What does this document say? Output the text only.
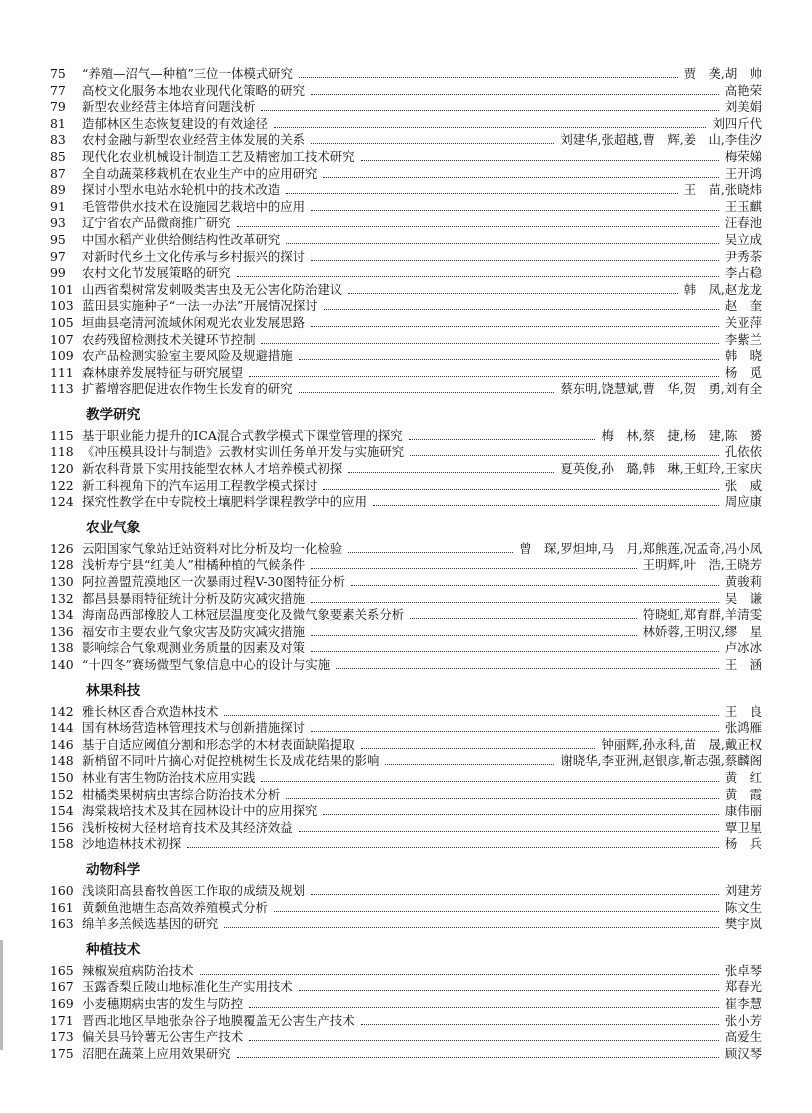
75	“养殖—沼气—种植”三位一体模式研究	贾　䶮,胡　帅
77	高校文化服务本地农业现代化策略的研究	高艳荣
79	新型农业经营主体培育问题浅析	刘美娟
81	造郁林区生态恢复建设的有效途径	刘四斤代
83	农村金融与新型农业经营主体发展的关系	刘建华,张超越,曹　辉,姜　山,李佳汐
85	现代化农业机械设计制造工艺及精密加工技术研究	梅荣娣
87	全自动蔬菜移栽机在农业生产中的应用研究	王开鸿
89	探讨小型水电站水轮机中的技术改造	王　苗,张晓炜
91	毛管带供水技术在设施园艺栽培中的应用	王玉麒
93	辽宁省农产品微商推广研究	汪春池
95	中国水稻产业供给侧结构性改革研究	吴立成
97	对新时代乡土文化传承与乡村振兴的探讨	尹秀荼
99	农村文化节发展策略的研究	李占稳
101 山西省梨树常发刺吸类害虫及无公害化防治建议	韩　凤,赵龙龙
103 蓝田县实施种子“一法一办法”开展情况探讨	赵　奎
105 垣曲县亳清河流域休闲观光农业发展思路	关亚萍
107 农药残留检测技术关键环节控制	李紫兰
109 农产品检测实验室主要风险及规避措施	韩　晓
111 森林康养发展特征与研究展望	杨　觅
113 扩蓄增容肥促进农作物生长发育的研究	蔡东明,饶慧斌,曹　华,贺　勇,刘有全
教学研究
115 基于职业能力提升的ICA混合式教学模式下课堂管理的探究	梅　林,蔡　捷,杨　建,陈　赟
118 《冲压模具设计与制造》云教材实训任务单开发与实施研究	孔依依
120 新农科背景下实用技能型农林人才培养模式初探	夏英俊,孙　璐,韩　琳,王虹玲,王家庆
122 新工科视角下的汽车运用工程教学模式探讨	张　威
124 探究性教学在中专院校土壤肥料学课程教学中的应用	周应康
农业气象
126 云阳国家气象站迁站资料对比分析及均一化检验	曾　琛,罗炟坤,马　月,郑熊莲,况孟奇,冯小凤
128 浅析寿宁县“红美人”柑橘种植的气候条件	王明辉,叶　浩,王晓芳
130 阿拉善盟荒漠地区一次暴雨过程V-30图特征分析	黄骏莉
132 都昌县暴雨特征统计分析及防灾减灾措施	吴　谦
134 海南岛西部橡胶人工林冠层温度变化及微气象要素关系分析	符晓虹,郑育群,羊清雯
136 福安市主要农业气象灾害及防灾减灾措施	林娇蓉,王明汉,缪　星
138 影响综合气象观测业务质量的因素及对策	卢冰冰
140 “十四冬”赛场微型气象信息中心的设计与实施	王　涵
林果科技
142 雅长林区香合欢造林技术	王　良
144 国有林场营造林管理技术与创新措施探讨	张鸿雁
146 基于自适应阈值分割和形态学的木材表面缺陷提取	钟丽辉,孙永科,苗　晟,戴正权
148 新梢留不同叶片摘心对促控桃树生长及成花结果的影响	谢晓华,李亚洲,赵银彦,靳志强,蔡麟阁
150 林业有害生物防治技术应用实践	黄　红
152 柑橘类果树病虫害综合防治技术分析	黄　霞
154 海棠栽培技术及其在园林设计中的应用探究	康伟丽
156 浅析桉树大径材培育技术及其经济效益	覃卫星
158 沙地造林技术初探	杨　兵
动物科学
160 浅谈阳高县畜牧兽医工作取的成绩及规划	刘建芳
161 黄颡鱼池塘生态高效养殖模式分析	陈文生
163 绵羊多羔候选基因的研究	樊宇岚
种植技术
165 辣椒炭疽病防治技术	张卓琴
167 玉露香梨丘陵山地标准化生产实用技术	郑春光
169 小麦穗期病虫害的发生与防控	崔李慧
171 晋西北地区旱地张杂谷子地膜覆盖无公害生产技术	张小芳
173 偏关县马铃薯无公害生产技术	高爱生
175 沼肥在蔬菜上应用效果研究	顾汉琴
